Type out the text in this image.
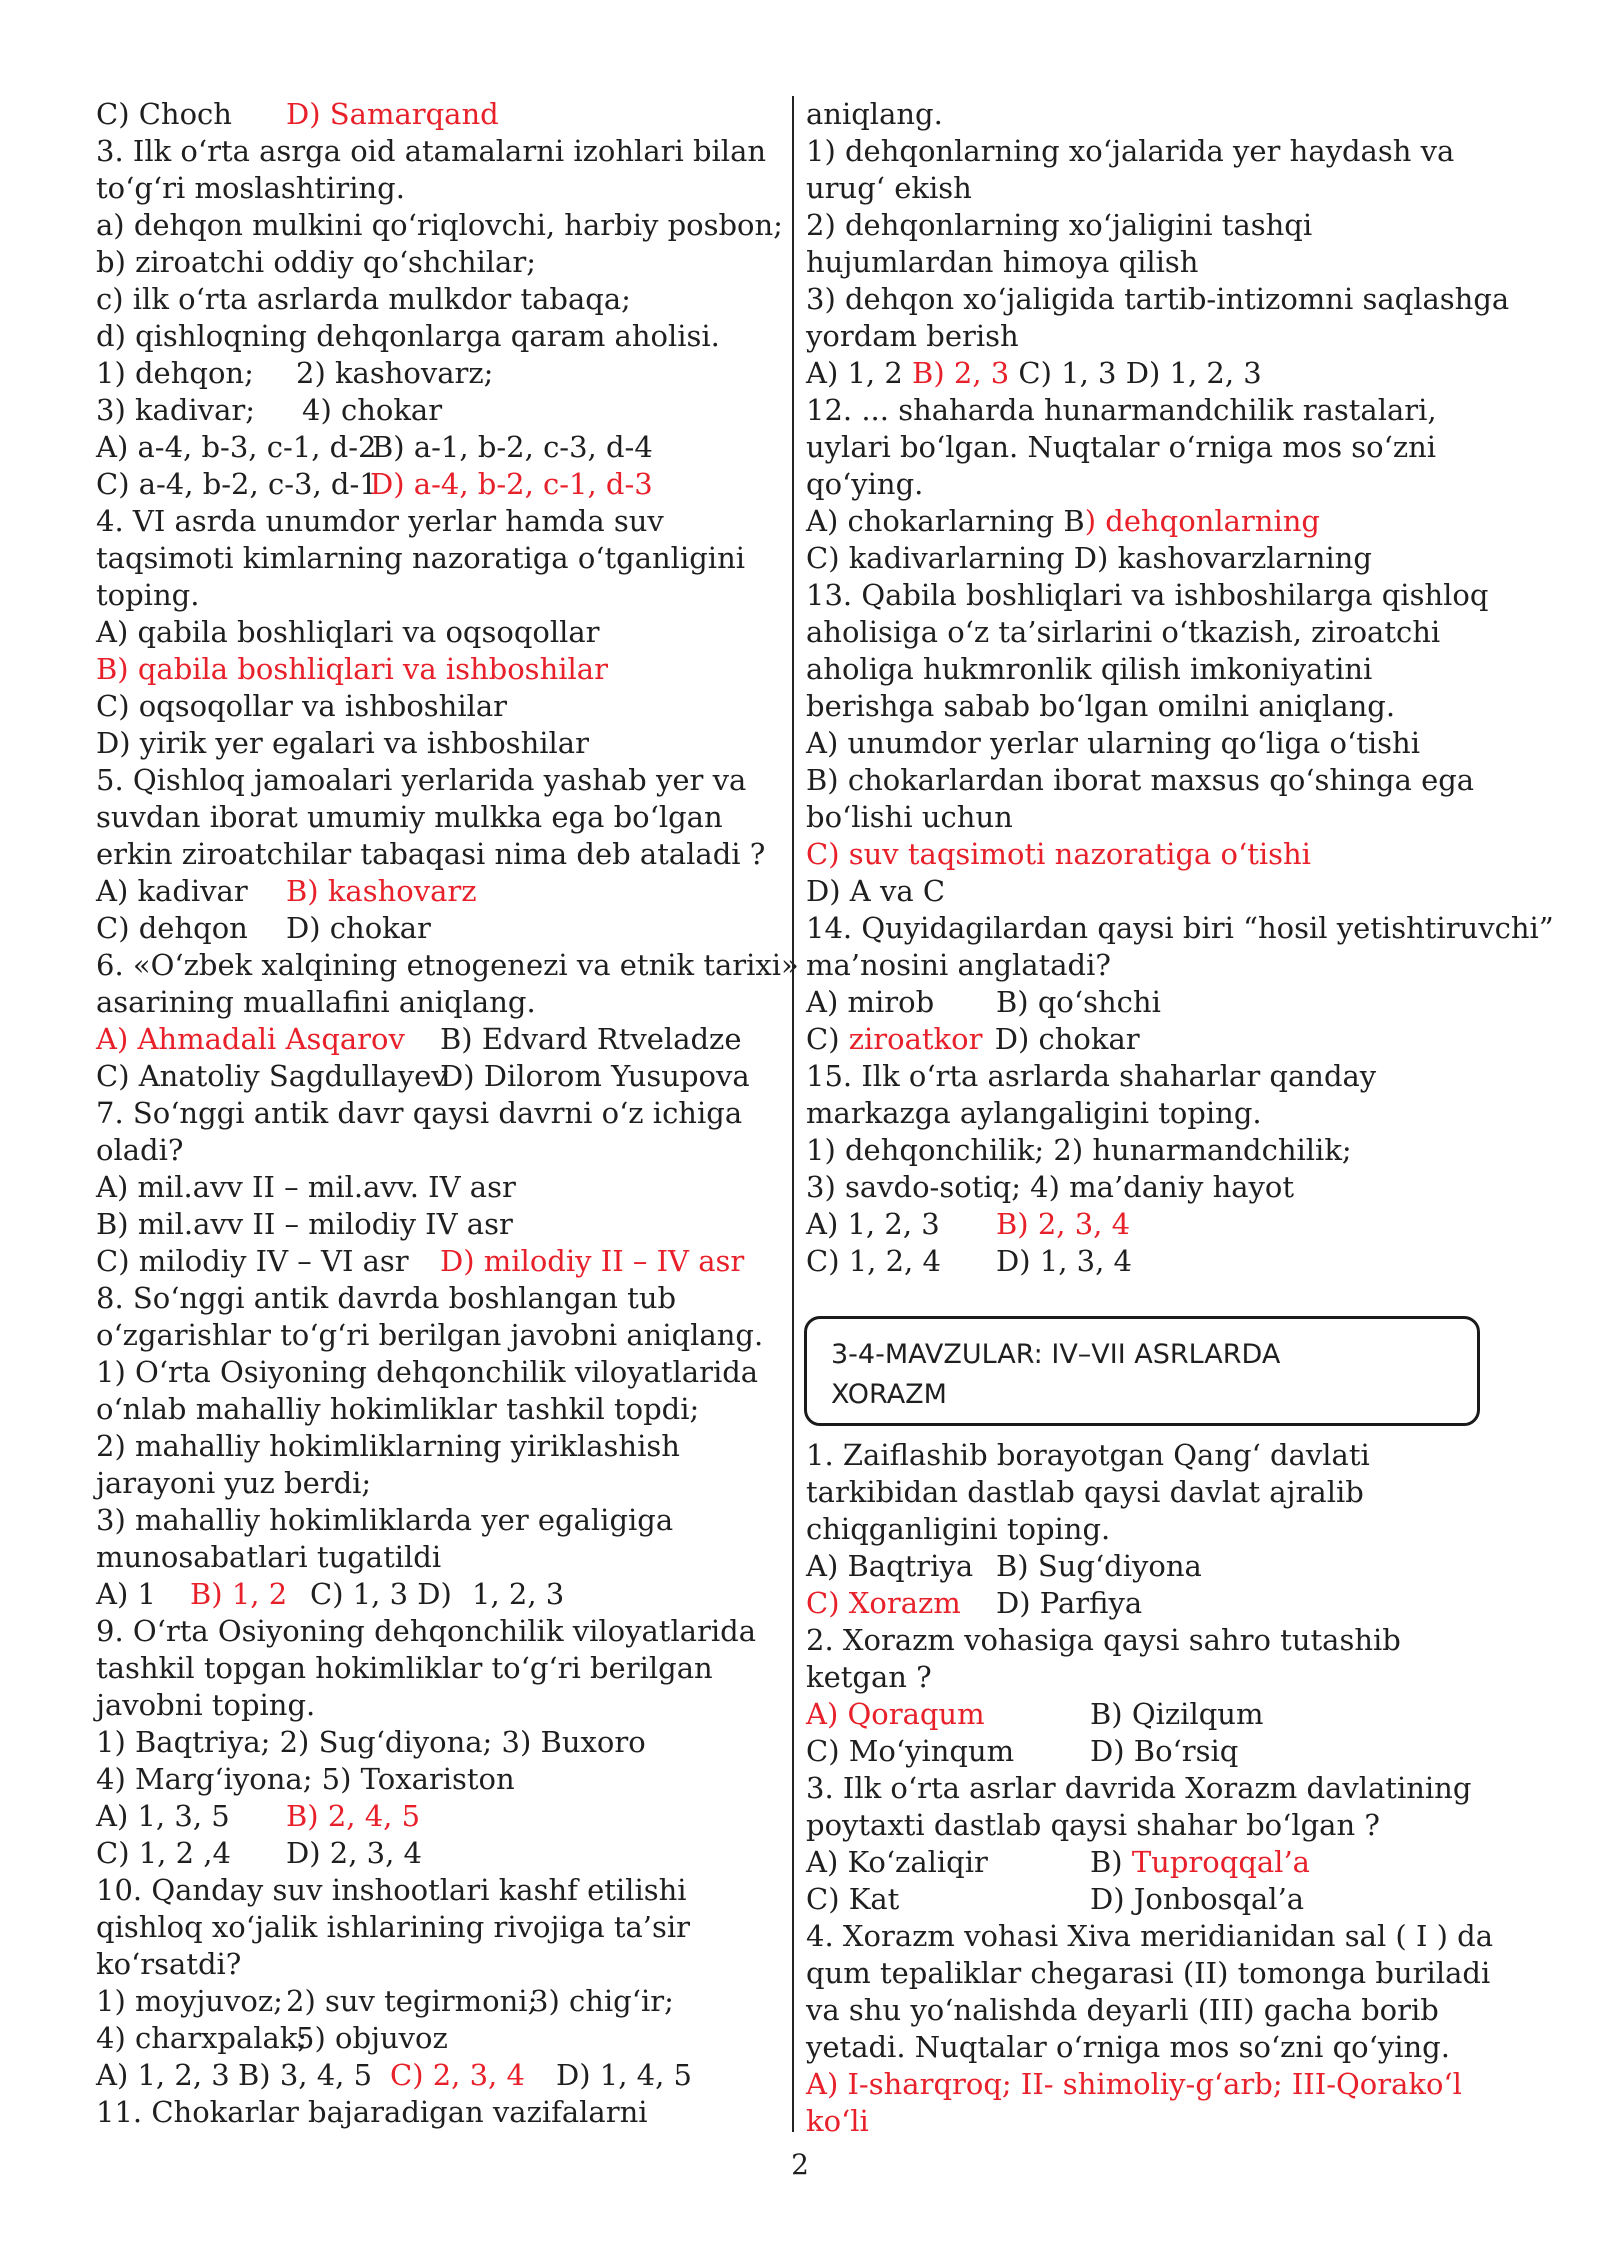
C) Choch D) Samarqand
3. Ilk o‘rta asrga oid atamalarni izohlari bilan
to‘g‘ri moslashtiring.
a) dehqon mulkini qo‘riqlovchi, harbiy posbon;
b) ziroatchi oddiy qo‘shchilar;
c) ilk o‘rta asrlarda mulkdor tabaqa;
d) qishloqning dehqonlarga qaram aholisi.
1) dehqon; 2) kashovarz;
3) kadivar; 4) chokar
A) a-4, b-3, c-1, d-2B) a-1, b-2, c-3, d-4
C) a-4, b-2, c-3, d-1D) a-4, b-2, c-1, d-3
4. VI asrda unumdor yerlar hamda suv
taqsimoti kimlarning nazoratiga o‘tganligini
toping.
A) qabila boshliqlari va oqsoqollar
B) qabila boshliqlari va ishboshilar
C) oqsoqollar va ishboshilar
D) yirik yer egalari va ishboshilar
5. Qishloq jamoalari yerlarida yashab yer va
suvdan iborat umumiy mulkka ega bo‘lgan
erkin ziroatchilar tabaqasi nima deb ataladi ?
A) kadivar B) kashovarz
C) dehqon D) chokar
6. «O‘zbek xalqining etnogenezi va etnik tarixi»
asarining muallafini aniqlang.
A) Ahmadali Asqarov B) Edvard Rtveladze
C) Anatoliy SagdullayevD) Dilorom Yusupova
7. So‘nggi antik davr qaysi davrni o‘z ichiga
oladi?
A) mil.avv II – mil.avv. IV asr
B) mil.avv II – milodiy IV asr
C) milodiy IV – VI asr D) milodiy II – IV asr
8. So‘nggi antik davrda boshlangan tub
o‘zgarishlar to‘g‘ri berilgan javobni aniqlang.
1) O‘rta Osiyoning dehqonchilik viloyatlarida
o‘nlab mahalliy hokimliklar tashkil topdi;
2) mahalliy hokimliklarning yiriklashish
jarayoni yuz berdi;
3) mahalliy hokimliklarda yer egaligiga
munosabatlari tugatildi
A) 1 B) 1, 2 C) 1, 3 D) 1, 2, 3
9. O‘rta Osiyoning dehqonchilik viloyatlarida
tashkil topgan hokimliklar to‘g‘ri berilgan
javobni toping.
1) Baqtriya; 2) Sug‘diyona; 3) Buxoro
4) Marg‘iyona; 5) Toxariston
A) 1, 3, 5 B) 2, 4, 5
C) 1, 2 ,4 D) 2, 3, 4
10. Qanday suv inshootlari kashf etilishi
qishloq xo‘jalik ishlarining rivojiga ta’sir
ko‘rsatdi?
1) moyjuvoz; 2) suv tegirmoni;3) chig‘ir;
4) charxpalak;5) objuvoz
A) 1, 2, 3 B) 3, 4, 5 C) 2, 3, 4 D) 1, 4, 5
11. Chokarlar bajaradigan vazifalarni
aniqlang.
1) dehqonlarning xo‘jalarida yer haydash va
urug‘ ekish
2) dehqonlarning xo‘jaligini tashqi
hujumlardan himoya qilish
3) dehqon xo‘jaligida tartib-intizomni saqlashga
yordam berish
A) 1, 2 B) 2, 3 C) 1, 3 D) 1, 2, 3
12. ... shaharda hunarmandchilik rastalari,
uylari bo‘lgan. Nuqtalar o‘rniga mos so‘zni
qo‘ying.
A) chokarlarning B) dehqonlarning
C) kadivarlarning D) kashovarzlarning
13. Qabila boshliqlari va ishboshilarga qishloq
aholisiga o‘z ta’sirlarini o‘tkazish, ziroatchi
aholiga hukmronlik qilish imkoniyatini
berishga sabab bo‘lgan omilni aniqlang.
A) unumdor yerlar ularning qo‘liga o‘tishi
B) chokarlardan iborat maxsus qo‘shinga ega
bo‘lishi uchun
C) suv taqsimoti nazoratiga o‘tishi
D) A va C
14. Quyidagilardan qaysi biri “hosil yetishtiruvchi”
ma’nosini anglatadi?
A) mirob B) qo‘shchi
C) ziroatkor D) chokar
15. Ilk o‘rta asrlarda shaharlar qanday
markazga aylangaligini toping.
1) dehqonchilik; 2) hunarmandchilik;
3) savdo-sotiq; 4) ma’daniy hayot
A) 1, 2, 3 B) 2, 3, 4
C) 1, 2, 4 D) 1, 3, 4
1. Zaiflashib borayotgan Qang‘ davlati
tarkibidan dastlab qaysi davlat ajralib
chiqganligini toping.
A) Baqtriya B) Sug‘diyona
C) Xorazm D) Parfiya
2. Xorazm vohasiga qaysi sahro tutashib
ketgan ?
A) Qoraqum	B) Qizilqum
C) Mo‘yinqum	D) Bo‘rsiq
3. Ilk o‘rta asrlar davrida Xorazm davlatining
poytaxti dastlab qaysi shahar bo‘lgan ?
A) Ko‘zaliqir	B) Tuproqqal’a
C) Kat	D) Jonbosqal’a
4. Xorazm vohasi Xiva meridianidan sal ( I ) da
qum tepaliklar chegarasi (II) tomonga buriladi
va shu yo‘nalishda deyarli (III) gacha borib
yetadi. Nuqtalar o‘rniga mos so‘zni qo‘ying.
A) I-sharqroq; II- shimoliy-g‘arb; III-Qorako‘l
ko‘li
3-4-MAVZULAR: IV–VII ASRLARDA
XORAZM
2
